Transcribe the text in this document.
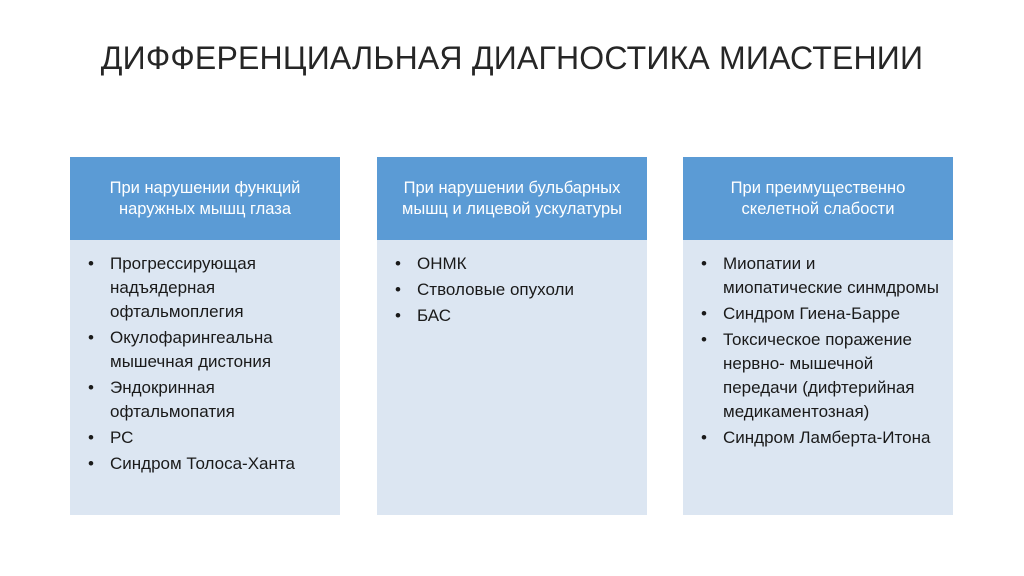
ДИФФЕРЕНЦИАЛЬНАЯ ДИАГНОСТИКА МИАСТЕНИИ
При нарушении функций наружных мышц глаза
• Прогрессирующая надъядерная офтальмоплегия
• Окулофарингеальна мышечная дистония
• Эндокринная офтальмопатия
• РС
• Синдром Толоса-Ханта
При нарушении бульбарных мышц и лицевой ускулатуры
• ОНМК
• Стволовые опухоли
• БАС
При преимущественно скелетной слабости
• Миопатии и миопатические синмдромы
• Синдром Гиена-Барре
• Токсическое поражение нервно- мышечной передачи (дифтерийная медикаментозная)
• Синдром Ламберта-Итона
